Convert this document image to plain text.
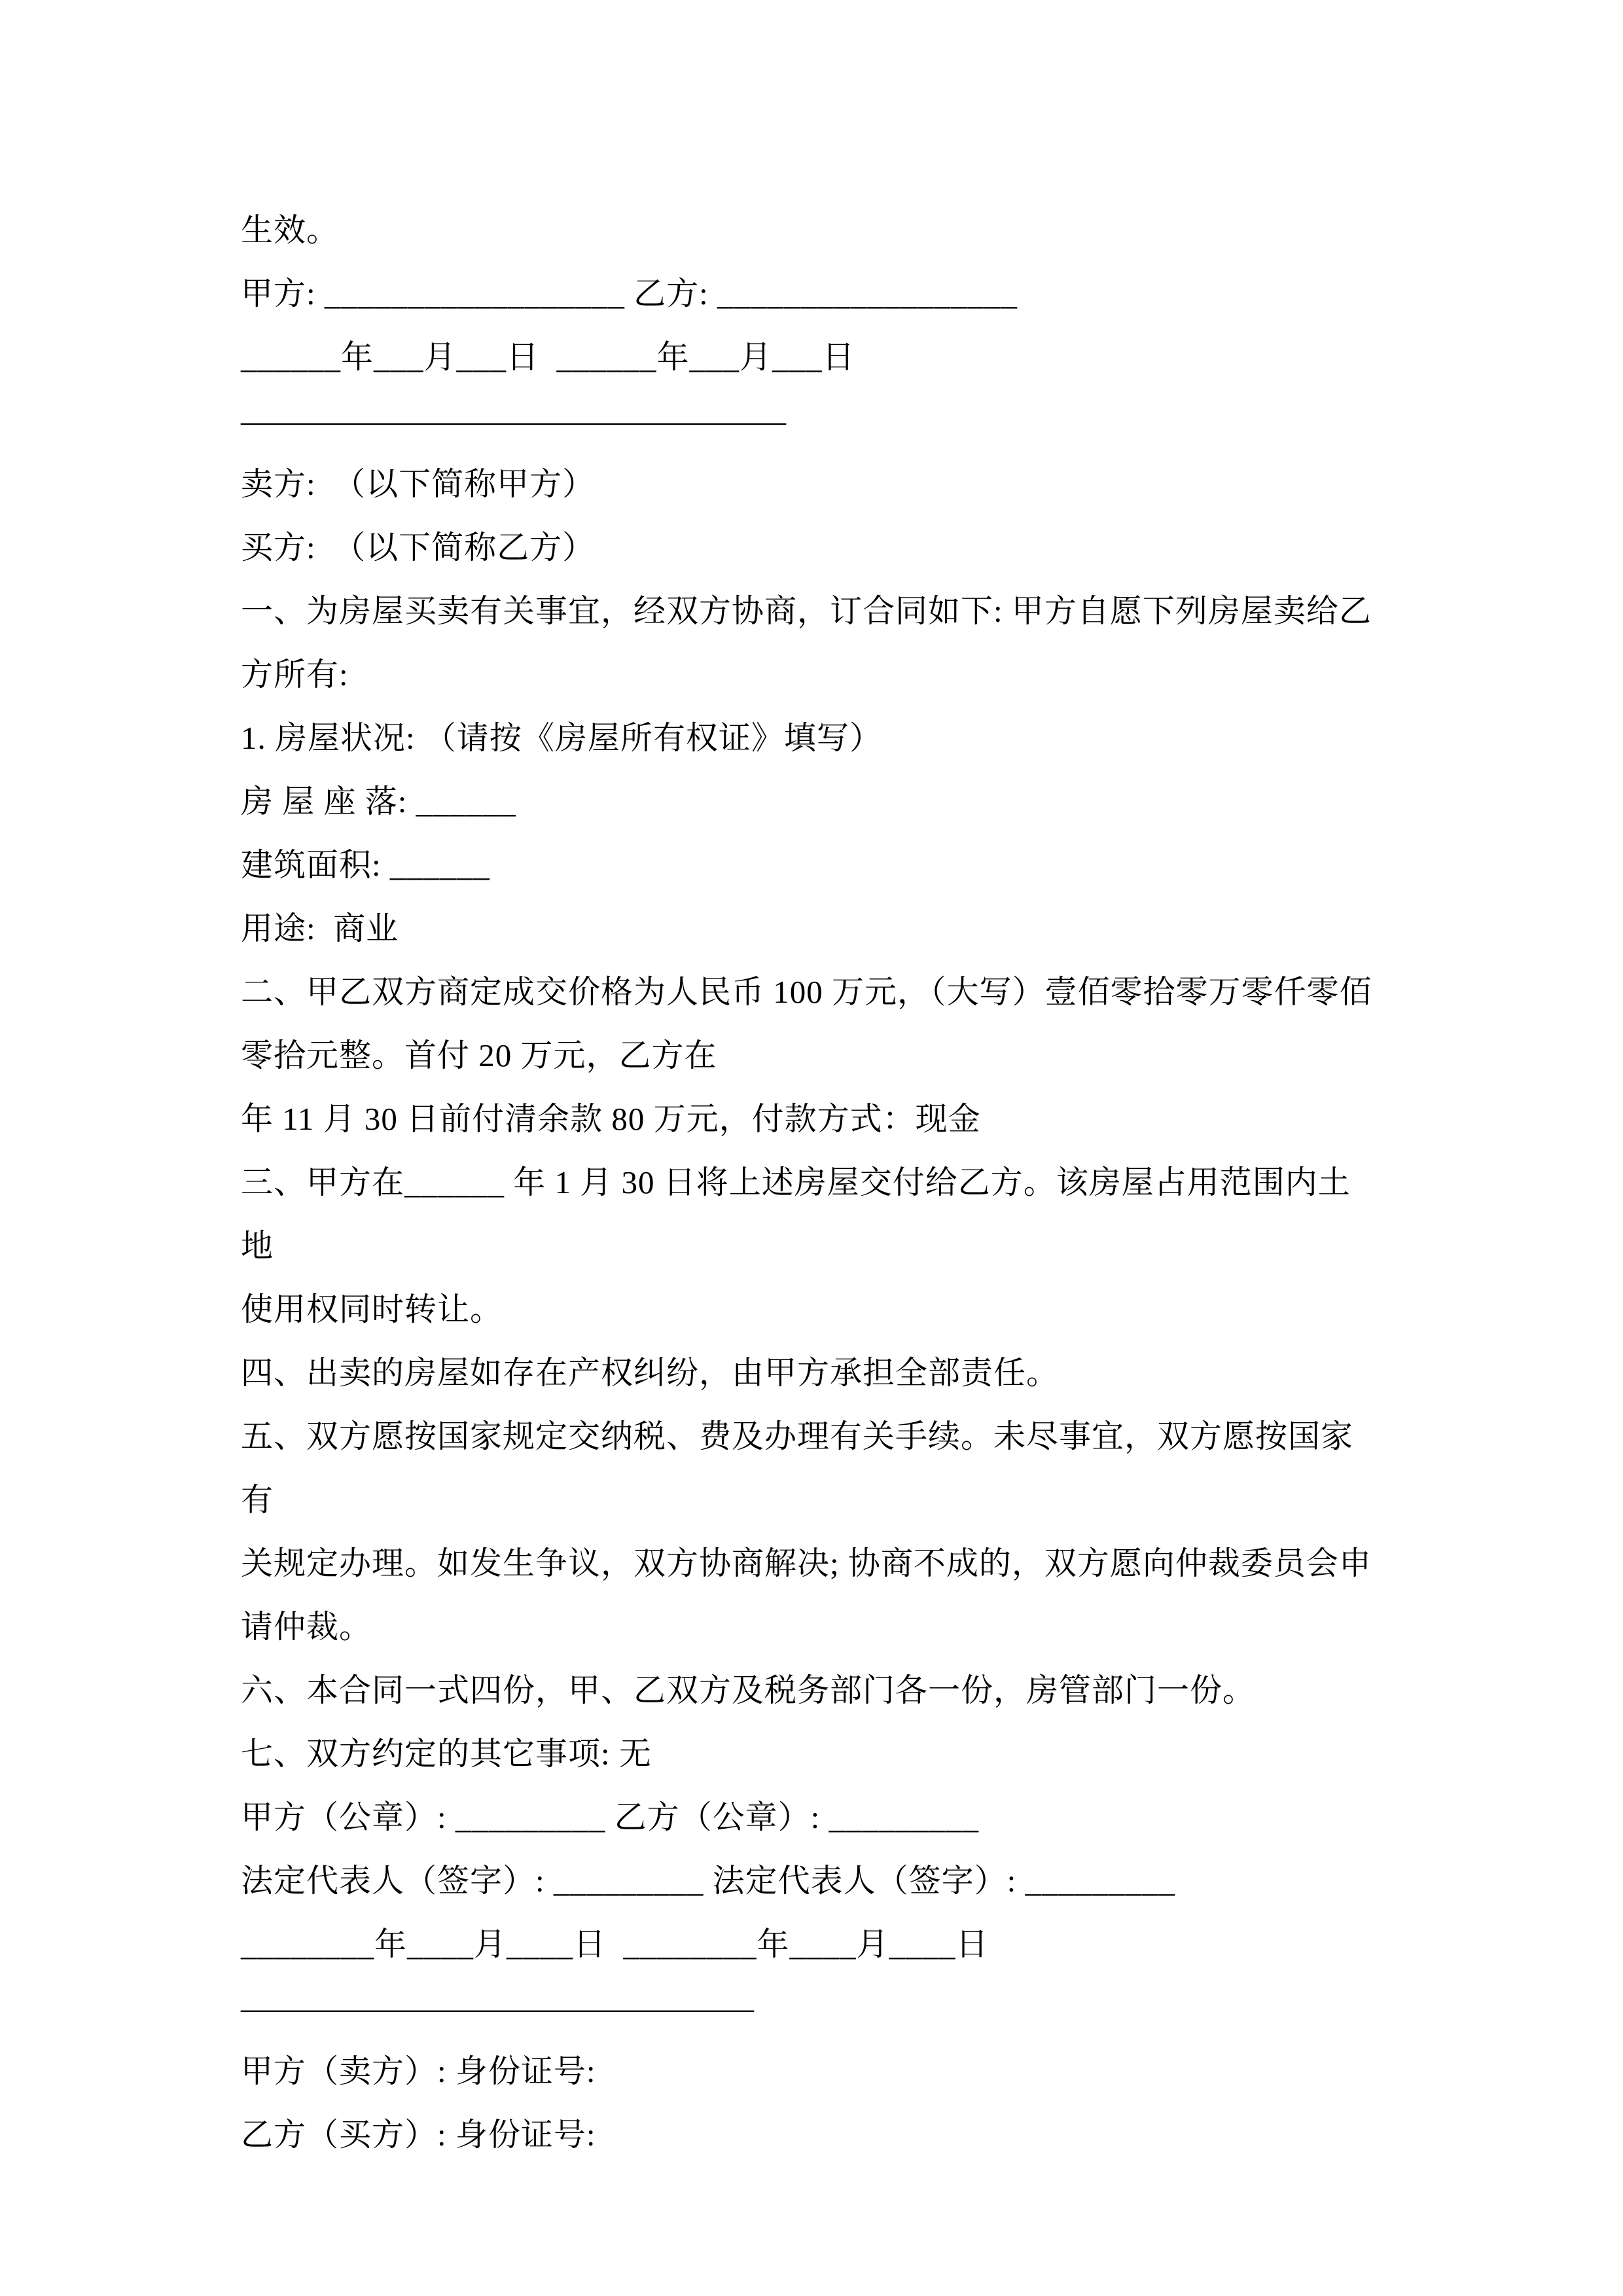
生效。

甲方: __________________ 乙方: __________________

______年___月___日  ______年___月___日

—————————————————

卖方:  （以下简称甲方）

买方:  （以下简称乙方）

一、为房屋买卖有关事宜，经双方协商，订合同如下: 甲方自愿下列房屋卖给乙

方所有:

1. 房屋状况: （请按《房屋所有权证》填写）

房 屋 座 落: ______

建筑面积: ______

用途:  商业

二、甲乙双方商定成交价格为人民币 100 万元，（大写）壹佰零拾零万零仟零佰

零拾元整。首付 20 万元，乙方在

年 11 月 30 日前付清余款 80 万元，付款方式：现金

三、甲方在______ 年 1 月 30 日将上述房屋交付给乙方。该房屋占用范围内土地

使用权同时转让。

四、出卖的房屋如存在产权纠纷，由甲方承担全部责任。

五、双方愿按国家规定交纳税、费及办理有关手续。未尽事宜，双方愿按国家有

关规定办理。如发生争议，双方协商解决; 协商不成的，双方愿向仲裁委员会申

请仲裁。

六、本合同一式四份，甲、乙双方及税务部门各一份，房管部门一份。

七、双方约定的其它事项: 无

甲方（公章）: _________ 乙方（公章）: _________

法定代表人（签字）: _________ 法定代表人（签字）: _________

________年____月____日  ________年____月____日

————————————————

甲方（卖方）: 身份证号:

乙方（买方）: 身份证号:
